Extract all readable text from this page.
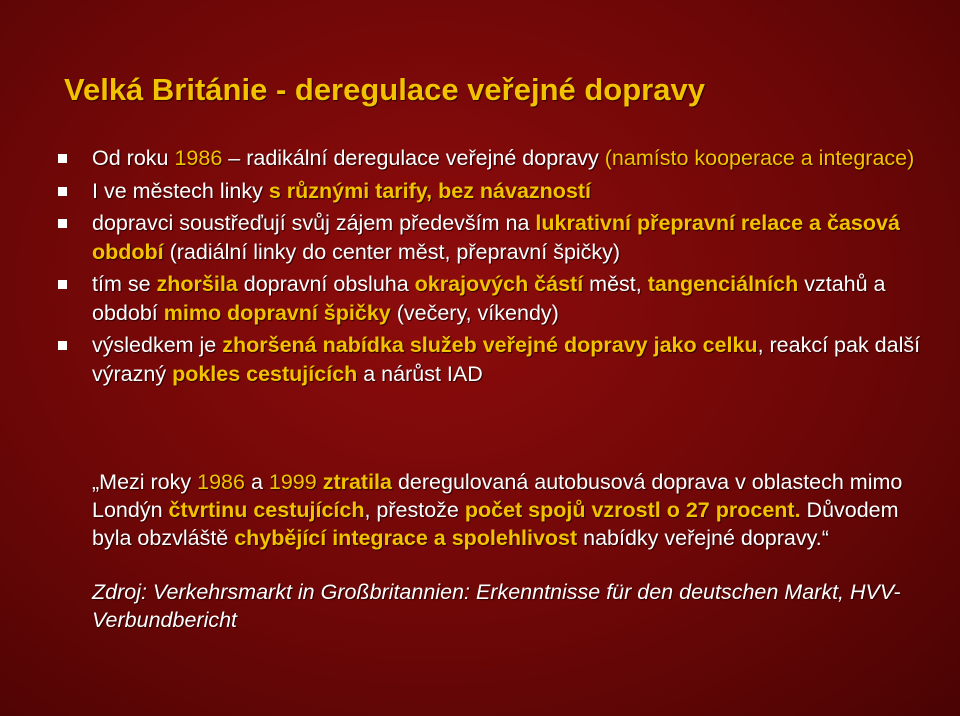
Velká Británie - deregulace veřejné dopravy
Od roku 1986 – radikální deregulace veřejné dopravy (namísto kooperace a integrace)
I ve městech linky s různými tarify, bez návazností
dopravci soustřeďují svůj zájem především na lukrativní přepravní relace a časová období (radiální linky do center měst, přepravní špičky)
tím se zhoršila dopravní obsluha okrajových částí měst, tangenciálních vztahů a období mimo dopravní špičky (večery, víkendy)
výsledkem je zhoršená nabídka služeb veřejné dopravy jako celku, reakcí pak další výrazný pokles cestujících a nárůst IAD
„Mezi roky 1986 a 1999 ztratila deregulovaná autobusová doprava v oblastech mimo Londýn čtvrtinu cestujících, přestože počet spojů vzrostl o 27 procent. Důvodem byla obzvláště chybějící integrace a spolehlivost nabídky veřejné dopravy.“
Zdroj: Verkehrsmarkt in Großbritannien: Erkenntnisse für den deutschen Markt, HVV-Verbundbericht
